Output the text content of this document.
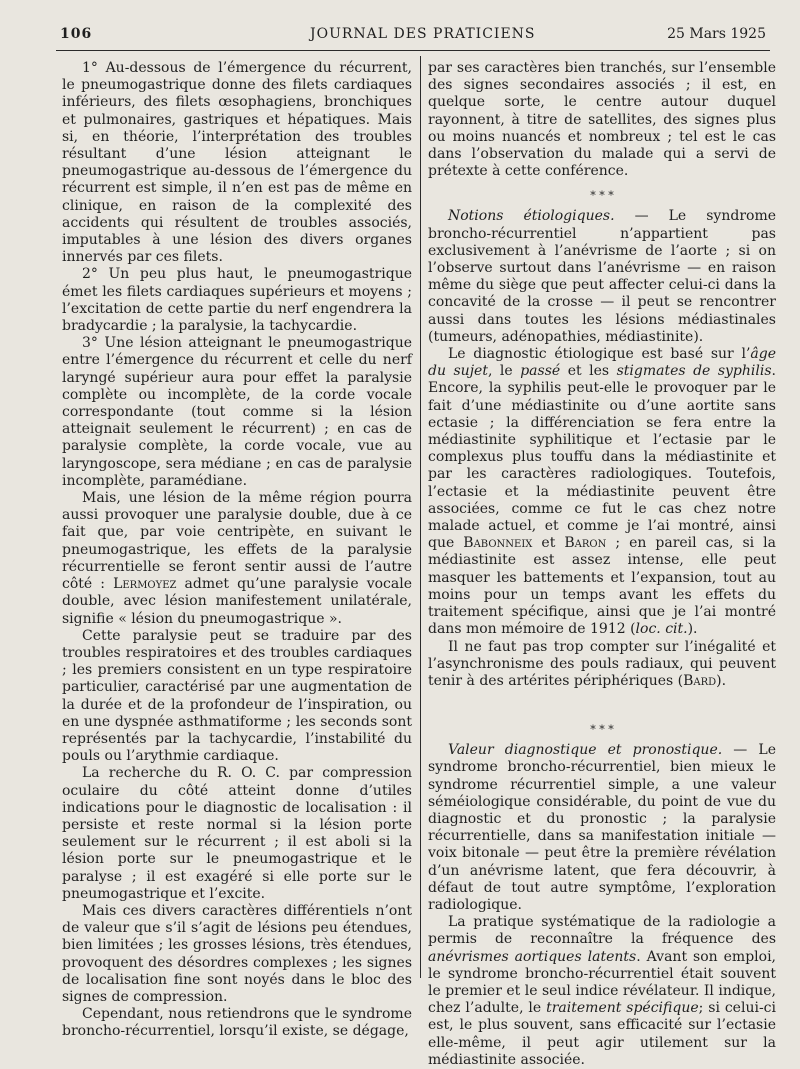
106	JOURNAL DES PRATICIENS	25 Mars 1925

1° Au-dessous de l’émergence du récurrent, le pneumogastrique donne des filets cardiaques inférieurs, des filets œsophagiens, bronchiques et pulmonaires, gastriques et hépatiques. Mais si, en théorie, l’interprétation des troubles résultant d’une lésion atteignant le pneumogastrique au-dessous de l’émergence du récurrent est simple, il n’en est pas de même en clinique, en raison de la complexité des accidents qui résultent de troubles associés, imputables à une lésion des divers organes innervés par ces filets.

2° Un peu plus haut, le pneumogastrique émet les filets cardiaques supérieurs et moyens ; l’excitation de cette partie du nerf engendrera la bradycardie ; la paralysie, la tachycardie.

3° Une lésion atteignant le pneumogastrique entre l’émergence du récurrent et celle du nerf laryngé supérieur aura pour effet la paralysie complète ou incomplète, de la corde vocale correspondante (tout comme si la lésion atteignait seulement le récurrent) ; en cas de paralysie complète, la corde vocale, vue au laryngoscope, sera médiane ; en cas de paralysie incomplète, paramédiane.

Mais, une lésion de la même région pourra aussi provoquer une paralysie double, due à ce fait que, par voie centripète, en suivant le pneumogastrique, les effets de la paralysie récurrentielle se feront sentir aussi de l’autre côté : Lermoyez admet qu’une paralysie vocale double, avec lésion manifestement unilatérale, signifie « lésion du pneumogastrique ».

Cette paralysie peut se traduire par des troubles respiratoires et des troubles cardiaques ; les premiers consistent en un type respiratoire particulier, caractérisé par une augmentation de la durée et de la profondeur de l’inspiration, ou en une dyspnée asthmatiforme ; les seconds sont représentés par la tachycardie, l’instabilité du pouls ou l’arythmie cardiaque.

La recherche du R. O. C. par compression oculaire du côté atteint donne d’utiles indications pour le diagnostic de localisation : il persiste et reste normal si la lésion porte seulement sur le récurrent ; il est aboli si la lésion porte sur le pneumogastrique et le paralyse ; il est exagéré si elle porte sur le pneumogastrique et l’excite.

Mais ces divers caractères différentiels n’ont de valeur que s’il s’agit de lésions peu étendues, bien limitées ; les grosses lésions, très étendues, provoquent des désordres complexes ; les signes de localisation fine sont noyés dans le bloc des signes de compression.

Cependant, nous retiendrons que le syndrome broncho-récurrentiel, lorsqu’il existe, se dégage,

par ses caractères bien tranchés, sur l’ensemble des signes secondaires associés ; il est, en quelque sorte, le centre autour duquel rayonnent, à titre de satellites, des signes plus ou moins nuancés et nombreux ; tel est le cas dans l’observation du malade qui a servi de prétexte à cette conférence.

* * *

Notions étiologiques. — Le syndrome broncho-récurrentiel n’appartient pas exclusivement à l’anévrisme de l’aorte ; si on l’observe surtout dans l’anévrisme — en raison même du siège que peut affecter celui-ci dans la concavité de la crosse — il peut se rencontrer aussi dans toutes les lésions médiastinales (tumeurs, adénopathies, médiastinite).

Le diagnostic étiologique est basé sur l’âge du sujet, le passé et les stigmates de syphilis. Encore, la syphilis peut-elle le provoquer par le fait d’une médiastinite ou d’une aortite sans ectasie ; la différenciation se fera entre la médiastinite syphilitique et l’ectasie par le complexus plus touffu dans la médiastinite et par les caractères radiologiques. Toutefois, l’ectasie et la médiastinite peuvent être associées, comme ce fut le cas chez notre malade actuel, et comme je l’ai montré, ainsi que Babonneix et Baron ; en pareil cas, si la médiastinite est assez intense, elle peut masquer les battements et l’expansion, tout au moins pour un temps avant les effets du traitement spécifique, ainsi que je l’ai montré dans mon mémoire de 1912 (loc. cit.).

Il ne faut pas trop compter sur l’inégalité et l’asynchronisme des pouls radiaux, qui peuvent tenir à des artérites périphériques (Bard).

* * *

Valeur diagnostique et pronostique. — Le syndrome broncho-récurrentiel, bien mieux le syndrome récurrentiel simple, a une valeur séméiologique considérable, du point de vue du diagnostic et du pronostic ; la paralysie récurrentielle, dans sa manifestation initiale — voix bitonale — peut être la première révélation d’un anévrisme latent, que fera découvrir, à défaut de tout autre symptôme, l’exploration radiologique.

La pratique systématique de la radiologie a permis de reconnaître la fréquence des anévrismes aortiques latents. Avant son emploi, le syndrome broncho-récurrentiel était souvent le premier et le seul indice révélateur. Il indique, chez l’adulte, le traitement spécifique; si celui-ci est, le plus souvent, sans efficacité sur l’ectasie elle-même, il peut agir utilement sur la médiastinite associée.
